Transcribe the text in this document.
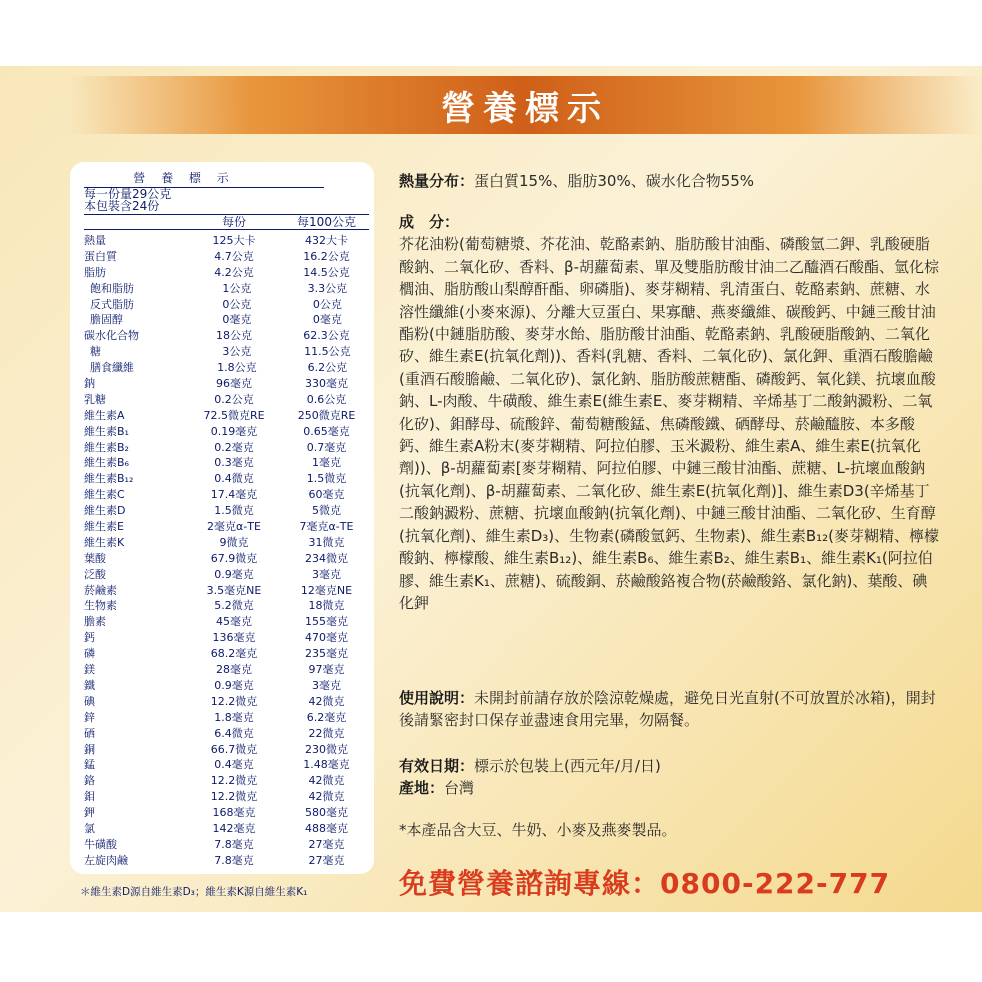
營養標示
營 養 標 示
每一份量29公克
本包裝含24份
每份	每100公克
熱量	125大卡	432大卡
蛋白質	4.7公克	16.2公克
脂肪	4.2公克	14.5公克
飽和脂肪	1公克	3.3公克
反式脂肪	0公克	0公克
膽固醇	0毫克	0毫克
碳水化合物	18公克	62.3公克
糖	3公克	11.5公克
膳食纖維	1.8公克	6.2公克
鈉	96毫克	330毫克
乳糖	0.2公克	0.6公克
維生素A	72.5微克RE	250微克RE
維生素B₁	0.19毫克	0.65毫克
維生素B₂	0.2毫克	0.7毫克
維生素B₆	0.3毫克	1毫克
維生素B₁₂	0.4微克	1.5微克
維生素C	17.4毫克	60毫克
維生素D	1.5微克	5微克
維生素E	2毫克α-TE	7毫克α-TE
維生素K	9微克	31微克
葉酸	67.9微克	234微克
泛酸	0.9毫克	3毫克
菸鹼素	3.5毫克NE	12毫克NE
生物素	5.2微克	18微克
膽素	45毫克	155毫克
鈣	136毫克	470毫克
磷	68.2毫克	235毫克
鎂	28毫克	97毫克
鐵	0.9毫克	3毫克
碘	12.2微克	42微克
鋅	1.8毫克	6.2毫克
硒	6.4微克	22微克
銅	66.7微克	230微克
錳	0.4毫克	1.48毫克
鉻	12.2微克	42微克
鉬	12.2微克	42微克
鉀	168毫克	580毫克
氯	142毫克	488毫克
牛磺酸	7.8毫克	27毫克
左旋肉鹼	7.8毫克	27毫克
＊維生素D源自維生素D₃；維生素K源自維生素K₁
熱量分布：蛋白質15%、脂肪30%、碳水化合物55%
成　分：
芥花油粉(葡萄糖漿、芥花油、乾酪素鈉、脂肪酸甘油酯、磷酸氫二鉀、乳酸硬脂酸鈉、二氧化矽、香料、β-胡蘿蔔素、單及雙脂肪酸甘油二乙醯酒石酸酯、氫化棕櫚油、脂肪酸山梨醇酐酯、卵磷脂)、麥芽糊精、乳清蛋白、乾酪素鈉、蔗糖、水溶性纖維(小麥來源)、分離大豆蛋白、果寡醣、燕麥纖維、碳酸鈣、中鏈三酸甘油酯粉(中鏈脂肪酸、麥芽水飴、脂肪酸甘油酯、乾酪素鈉、乳酸硬脂酸鈉、二氧化矽、維生素E(抗氧化劑))、香料(乳糖、香料、二氧化矽)、氯化鉀、重酒石酸膽鹼(重酒石酸膽鹼、二氧化矽)、氯化鈉、脂肪酸蔗糖酯、磷酸鈣、氧化鎂、抗壞血酸鈉、L-肉酸、牛磺酸、維生素E(維生素E、麥芽糊精、辛烯基丁二酸鈉澱粉、二氧化矽)、鉬酵母、硫酸鋅、葡萄糖酸錳、焦磷酸鐵、硒酵母、菸鹼醯胺、本多酸鈣、維生素A粉末(麥芽糊精、阿拉伯膠、玉米澱粉、維生素A、維生素E(抗氧化劑))、β-胡蘿蔔素[麥芽糊精、阿拉伯膠、中鏈三酸甘油酯、蔗糖、L-抗壞血酸鈉(抗氧化劑)、β-胡蘿蔔素、二氧化矽、維生素E(抗氧化劑)]、維生素D3(辛烯基丁二酸鈉澱粉、蔗糖、抗壞血酸鈉(抗氧化劑)、中鏈三酸甘油酯、二氧化矽、生育醇(抗氧化劑)、維生素D₃)、生物素(磷酸氫鈣、生物素)、維生素B₁₂(麥芽糊精、檸檬酸鈉、檸檬酸、維生素B₁₂)、維生素B₆、維生素B₂、維生素B₁、維生素K₁(阿拉伯膠、維生素K₁、蔗糖)、硫酸銅、菸鹼酸鉻複合物(菸鹼酸鉻、氯化鈉)、葉酸、碘化鉀
使用說明：未開封前請存放於陰涼乾燥處，避免日光直射(不可放置於冰箱)，開封後請緊密封口保存並盡速食用完畢，勿隔餐。
有效日期：標示於包裝上(西元年/月/日)
產地：台灣
*本產品含大豆、牛奶、小麥及燕麥製品。
免費營養諮詢專線：0800-222-777
